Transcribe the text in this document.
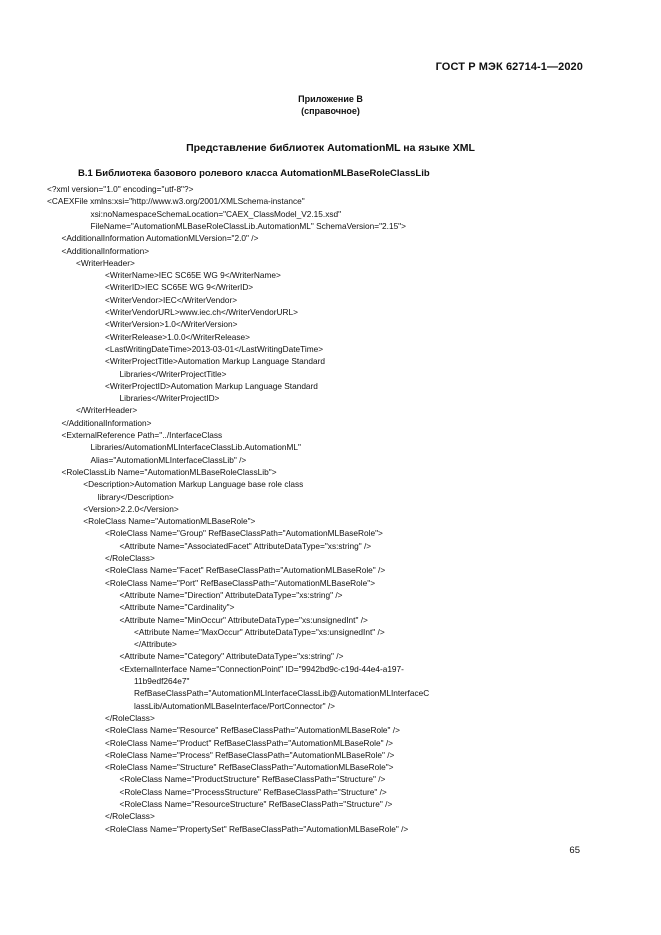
ГОСТ Р МЭК 62714-1—2020
Приложение В
(справочное)
Представление библиотек AutomationML на языке XML
В.1 Библиотека базового ролевого класса AutomationMLBaseRoleClassLib
<?xml version="1.0" encoding="utf-8"?>
<CAEXFile xmlns:xsi="http://www.w3.org/2001/XMLSchema-instance"
xsi:noNamespaceSchemaLocation="CAEX_ClassModel_V2.15.xsd"
FileName="AutomationMLBaseRoleClassLib.AutomationML" SchemaVersion="2.15">
<AdditionalInformation AutomationMLVersion="2.0" />
<AdditionalInformation>
<WriterHeader>
<WriterName>IEC SC65E WG 9</WriterName>
<WriterID>IEC SC65E WG 9</WriterID>
<WriterVendor>IEC</WriterVendor>
<WriterVendorURL>www.iec.ch</WriterVendorURL>
<WriterVersion>1.0</WriterVersion>
<WriterRelease>1.0.0</WriterRelease>
<LastWritingDateTime>2013-03-01</LastWritingDateTime>
<WriterProjectTitle>Automation Markup Language Standard
Libraries</WriterProjectTitle>
<WriterProjectID>Automation Markup Language Standard
Libraries</WriterProjectID>
</WriterHeader>
</AdditionalInformation>
<ExternalReference Path="../InterfaceClass
Libraries/AutomationMLInterfaceClassLib.AutomationML"
Alias="AutomationMLInterfaceClassLib" />
<RoleClassLib Name="AutomationMLBaseRoleClassLib">
<Description>Automation Markup Language base role class
library</Description>
<Version>2.2.0</Version>
<RoleClass Name="AutomationMLBaseRole">
<RoleClass Name="Group" RefBaseClassPath="AutomationMLBaseRole">
<Attribute Name="AssociatedFacet" AttributeDataType="xs:string" />
</RoleClass>
<RoleClass Name="Facet" RefBaseClassPath="AutomationMLBaseRole" />
<RoleClass Name="Port" RefBaseClassPath="AutomationMLBaseRole">
<Attribute Name="Direction" AttributeDataType="xs:string" />
<Attribute Name="Cardinality">
<Attribute Name="MinOccur" AttributeDataType="xs:unsignedInt" />
<Attribute Name="MaxOccur" AttributeDataType="xs:unsignedInt" />
</Attribute>
<Attribute Name="Category" AttributeDataType="xs:string" />
<ExternalInterface Name="ConnectionPoint" ID="9942bd9c-c19d-44e4-a197-
11b9edf264e7"
RefBaseClassPath="AutomationMLInterfaceClassLib@AutomationMLInterfaceC
lassLib/AutomationMLBaseInterface/PortConnector" />
</RoleClass>
<RoleClass Name="Resource" RefBaseClassPath="AutomationMLBaseRole" />
<RoleClass Name="Product" RefBaseClassPath="AutomationMLBaseRole" />
<RoleClass Name="Process" RefBaseClassPath="AutomationMLBaseRole" />
<RoleClass Name="Structure" RefBaseClassPath="AutomationMLBaseRole">
<RoleClass Name="ProductStructure" RefBaseClassPath="Structure" />
<RoleClass Name="ProcessStructure" RefBaseClassPath="Structure" />
<RoleClass Name="ResourceStructure" RefBaseClassPath="Structure" />
</RoleClass>
<RoleClass Name="PropertySet" RefBaseClassPath="AutomationMLBaseRole" />
65
